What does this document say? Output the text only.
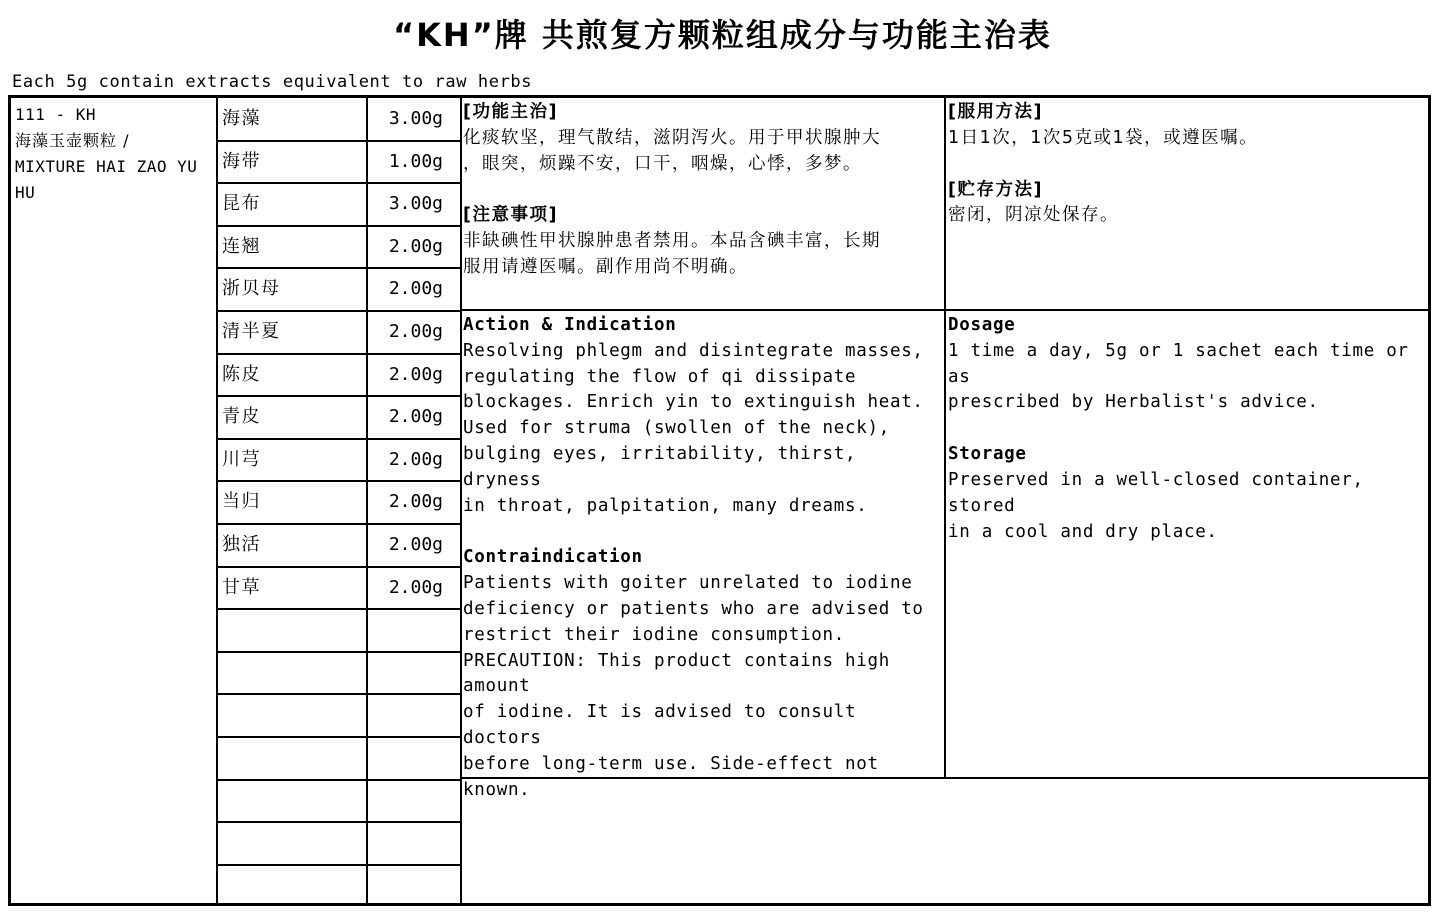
“KH”牌 共煎复方颗粒组成分与功能主治表
Each 5g contain extracts equivalent to raw herbs
111 - KH
海藻玉壶颗粒 /
MIXTURE HAI ZAO YU HU
海藻	3.00g
海带	1.00g
昆布	3.00g
连翘	2.00g
浙贝母	2.00g
清半夏	2.00g
陈皮	2.00g
青皮	2.00g
川芎	2.00g
当归	2.00g
独活	2.00g
甘草	2.00g
[功能主治]
化痰软坚，理气散结，滋阴泻火。用于甲状腺肿大
，眼突，烦躁不安，口干，咽燥，心悸，多梦。
[注意事项]
非缺碘性甲状腺肿患者禁用。本品含碘丰富，长期
服用请遵医嘱。副作用尚不明确。
[服用方法]
1日1次，1次5克或1袋，或遵医嘱。
[贮存方法]
密闭，阴凉处保存。
Action & Indication
Resolving phlegm and disintegrate masses,
regulating the flow of qi dissipate
blockages. Enrich yin to extinguish heat.
Used for struma (swollen of the neck),
bulging eyes, irritability, thirst, dryness
in throat, palpitation, many dreams.
Contraindication
Patients with goiter unrelated to iodine
deficiency or patients who are advised to
restrict their iodine consumption.
PRECAUTION: This product contains high amount
of iodine. It is advised to consult doctors
before long-term use. Side-effect not known.
Dosage
1 time a day, 5g or 1 sachet each time or as
prescribed by Herbalist's advice.
Storage
Preserved in a well-closed container, stored
in a cool and dry place.
